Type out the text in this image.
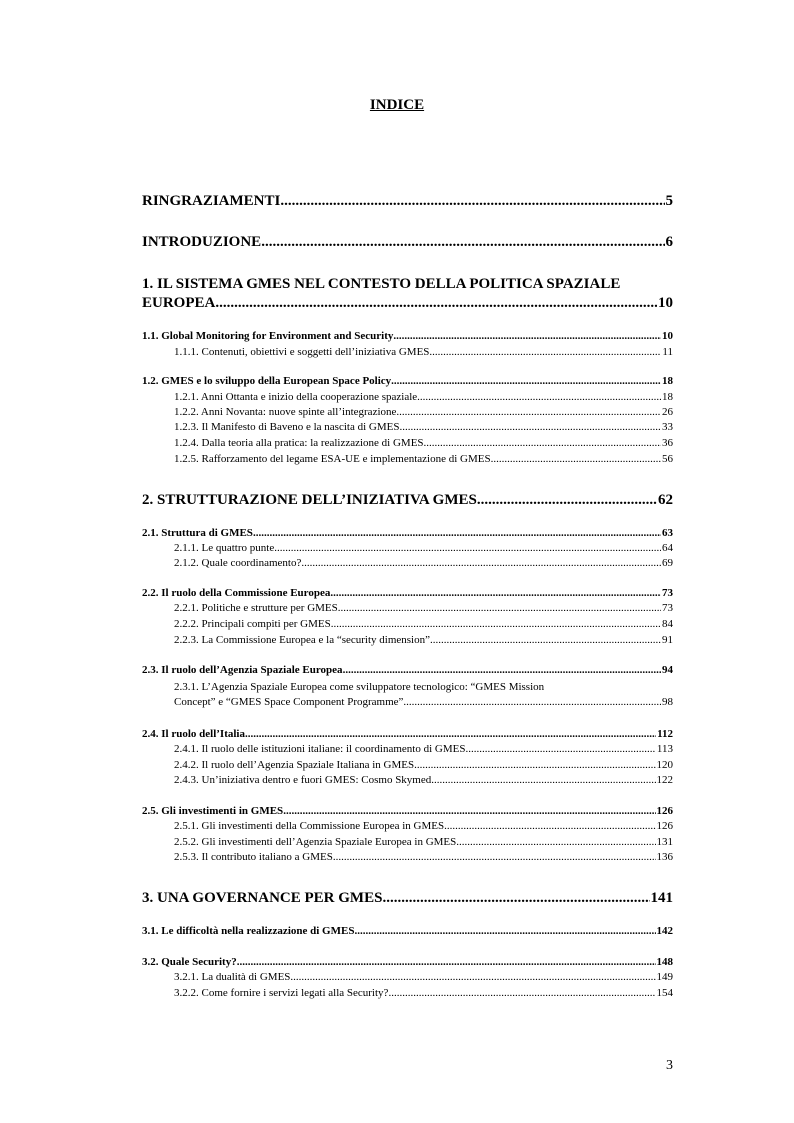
INDICE
RINGRAZIAMENTI .....	5
INTRODUZIONE .....	6
1. IL SISTEMA GMES NEL CONTESTO DELLA POLITICA SPAZIALE
EUROPEA .....	10
1.1. Global Monitoring for Environment and Security .....	10
1.1.1. Contenuti, obiettivi e soggetti dell’iniziativa GMES .....	11
1.2. GMES e lo sviluppo della European Space Policy .....	18
1.2.1. Anni Ottanta e inizio della cooperazione spaziale .....	18
1.2.2. Anni Novanta: nuove spinte all’integrazione .....	26
1.2.3. Il Manifesto di Baveno e la nascita di GMES .....	33
1.2.4. Dalla teoria alla pratica: la realizzazione di GMES .....	36
1.2.5. Rafforzamento del legame ESA-UE e implementazione di GMES .....	56
2. STRUTTURAZIONE DELL’INIZIATIVA GMES .....	62
2.1. Struttura di GMES .....	63
2.1.1. Le quattro punte .....	64
2.1.2. Quale coordinamento? .....	69
2.2. Il ruolo della Commissione Europea .....	73
2.2.1. Politiche e strutture per GMES .....	73
2.2.2. Principali compiti per GMES .....	84
2.2.3. La Commissione Europea e la “security dimension” .....	91
2.3. Il ruolo dell’Agenzia Spaziale Europea .....	94
2.3.1. L’Agenzia Spaziale Europea come sviluppatore tecnologico: “GMES Mission
Concept” e “GMES Space Component Programme” .....	98
2.4. Il ruolo dell’Italia .....	112
2.4.1. Il ruolo delle istituzioni italiane: il coordinamento di GMES .....	113
2.4.2. Il ruolo dell’Agenzia Spaziale Italiana in GMES .....	120
2.4.3. Un’iniziativa dentro e fuori GMES: Cosmo Skymed .....	122
2.5. Gli investimenti in GMES .....	126
2.5.1. Gli investimenti della Commissione Europea in GMES .....	126
2.5.2. Gli investimenti dell’Agenzia Spaziale Europea in GMES .....	131
2.5.3. Il contributo italiano a GMES .....	136
3. UNA GOVERNANCE PER GMES .....	141
3.1. Le difficoltà nella realizzazione di GMES .....	142
3.2. Quale Security? .....	148
3.2.1. La dualità di GMES .....	149
3.2.2. Come fornire i servizi legati alla Security? .....	154
3
